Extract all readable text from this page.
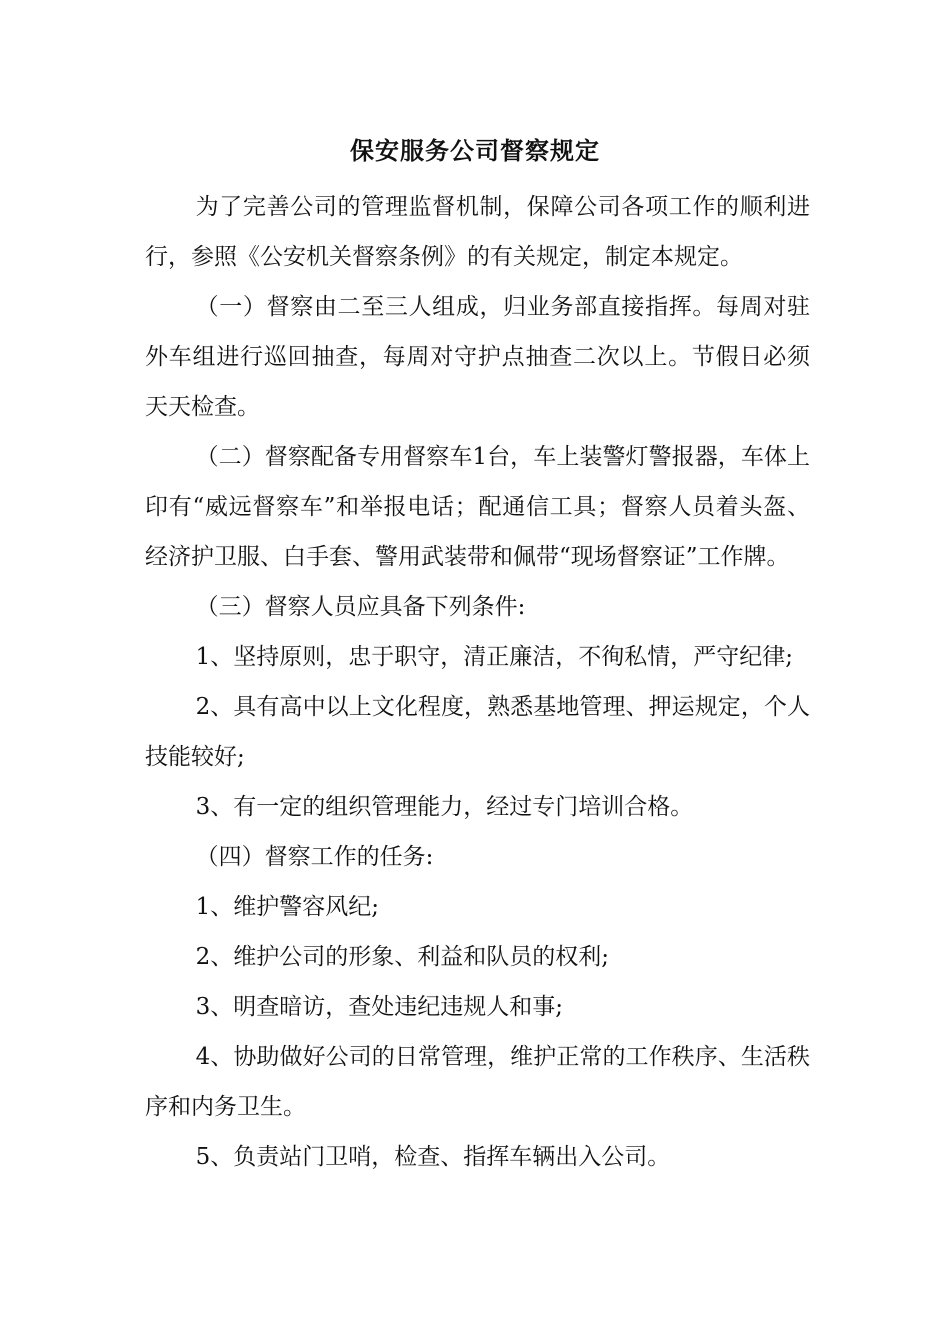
保安服务公司督察规定

为了完善公司的管理监督机制，保障公司各项工作的顺利进行，参照《公安机关督察条例》的有关规定，制定本规定。

（一）督察由二至三人组成，归业务部直接指挥。每周对驻外车组进行巡回抽查，每周对守护点抽查二次以上。节假日必须天天检查。

（二）督察配备专用督察车1台，车上装警灯警报器，车体上印有“威远督察车”和举报电话；配通信工具；督察人员着头盔、经济护卫服、白手套、警用武装带和佩带“现场督察证”工作牌。

（三）督察人员应具备下列条件:

1、坚持原则，忠于职守，清正廉洁，不徇私情，严守纪律;

2、具有高中以上文化程度，熟悉基地管理、押运规定，个人技能较好;

3、有一定的组织管理能力，经过专门培训合格。

（四）督察工作的任务:

1、维护警容风纪;

2、维护公司的形象、利益和队员的权利;

3、明查暗访，查处违纪违规人和事;

4、协助做好公司的日常管理，维护正常的工作秩序、生活秩序和内务卫生。

5、负责站门卫哨，检查、指挥车辆出入公司。
